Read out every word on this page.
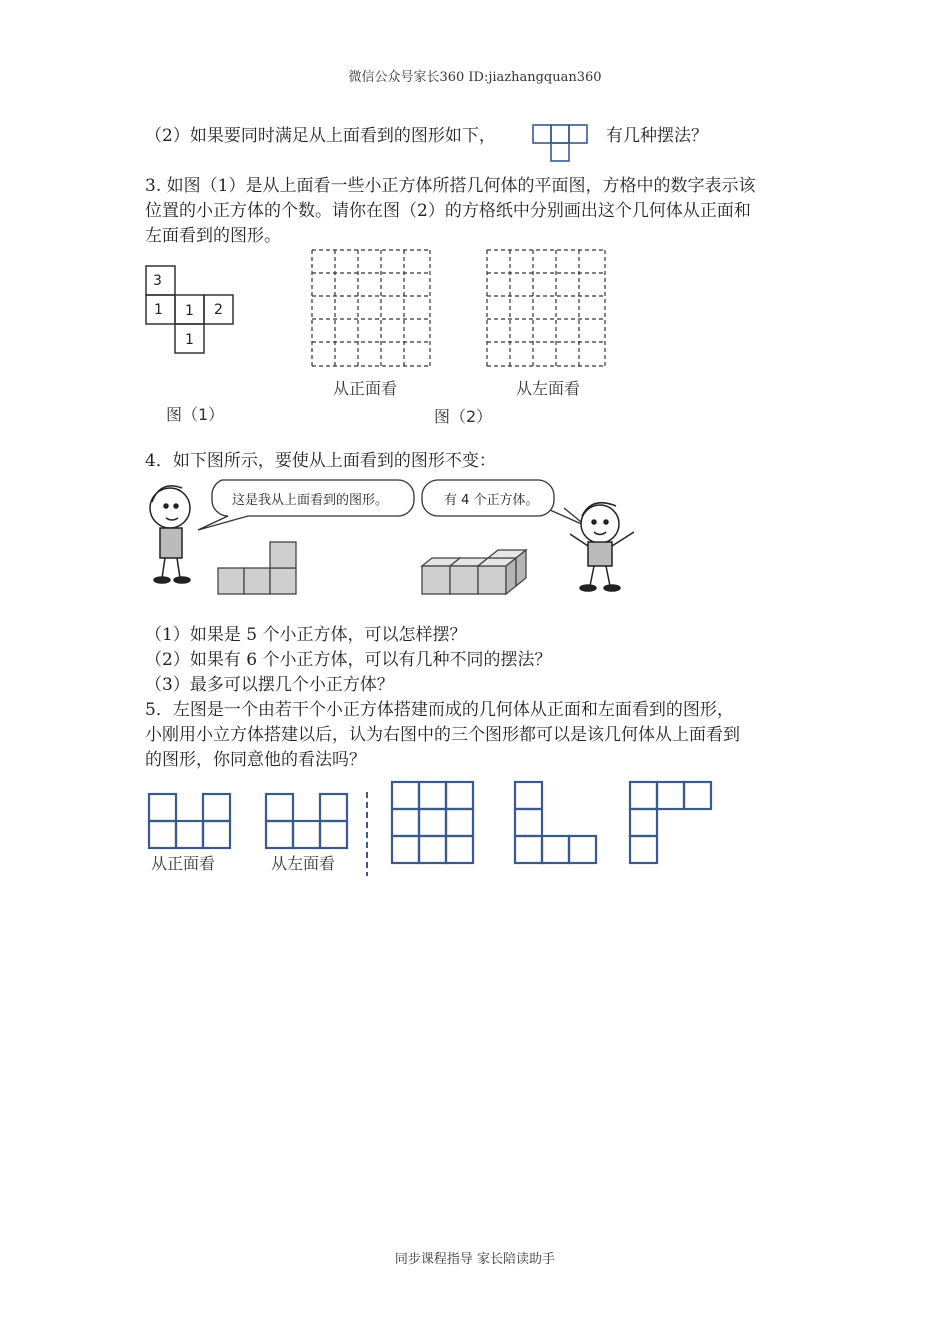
微信公众号家长360 ID:jiazhangquan360
（2）如果要同时满足从上面看到的图形如下，	有几种摆法？
3. 如图（1）是从上面看一些小正方体所搭几何体的平面图，方格中的数字表示该
位置的小正方体的个数。请你在图（2）的方格纸中分别画出这个几何体从正面和
左面看到的图形。
3
1 1 2
1
图（1）
从正面看	从左面看
图（2）
4．如下图所示，要使从上面看到的图形不变：
这是我从上面看到的图形。	有 4 个正方体。
（1）如果是 5 个小正方体，可以怎样摆？
（2）如果有 6 个小正方体，可以有几种不同的摆法？
（3）最多可以摆几个小正方体？
5．左图是一个由若干个小正方体搭建而成的几何体从正面和左面看到的图形，
小刚用小立方体搭建以后，认为右图中的三个图形都可以是该几何体从上面看到
的图形，你同意他的看法吗？
从正面看	从左面看
同步课程指导 家长陪读助手
